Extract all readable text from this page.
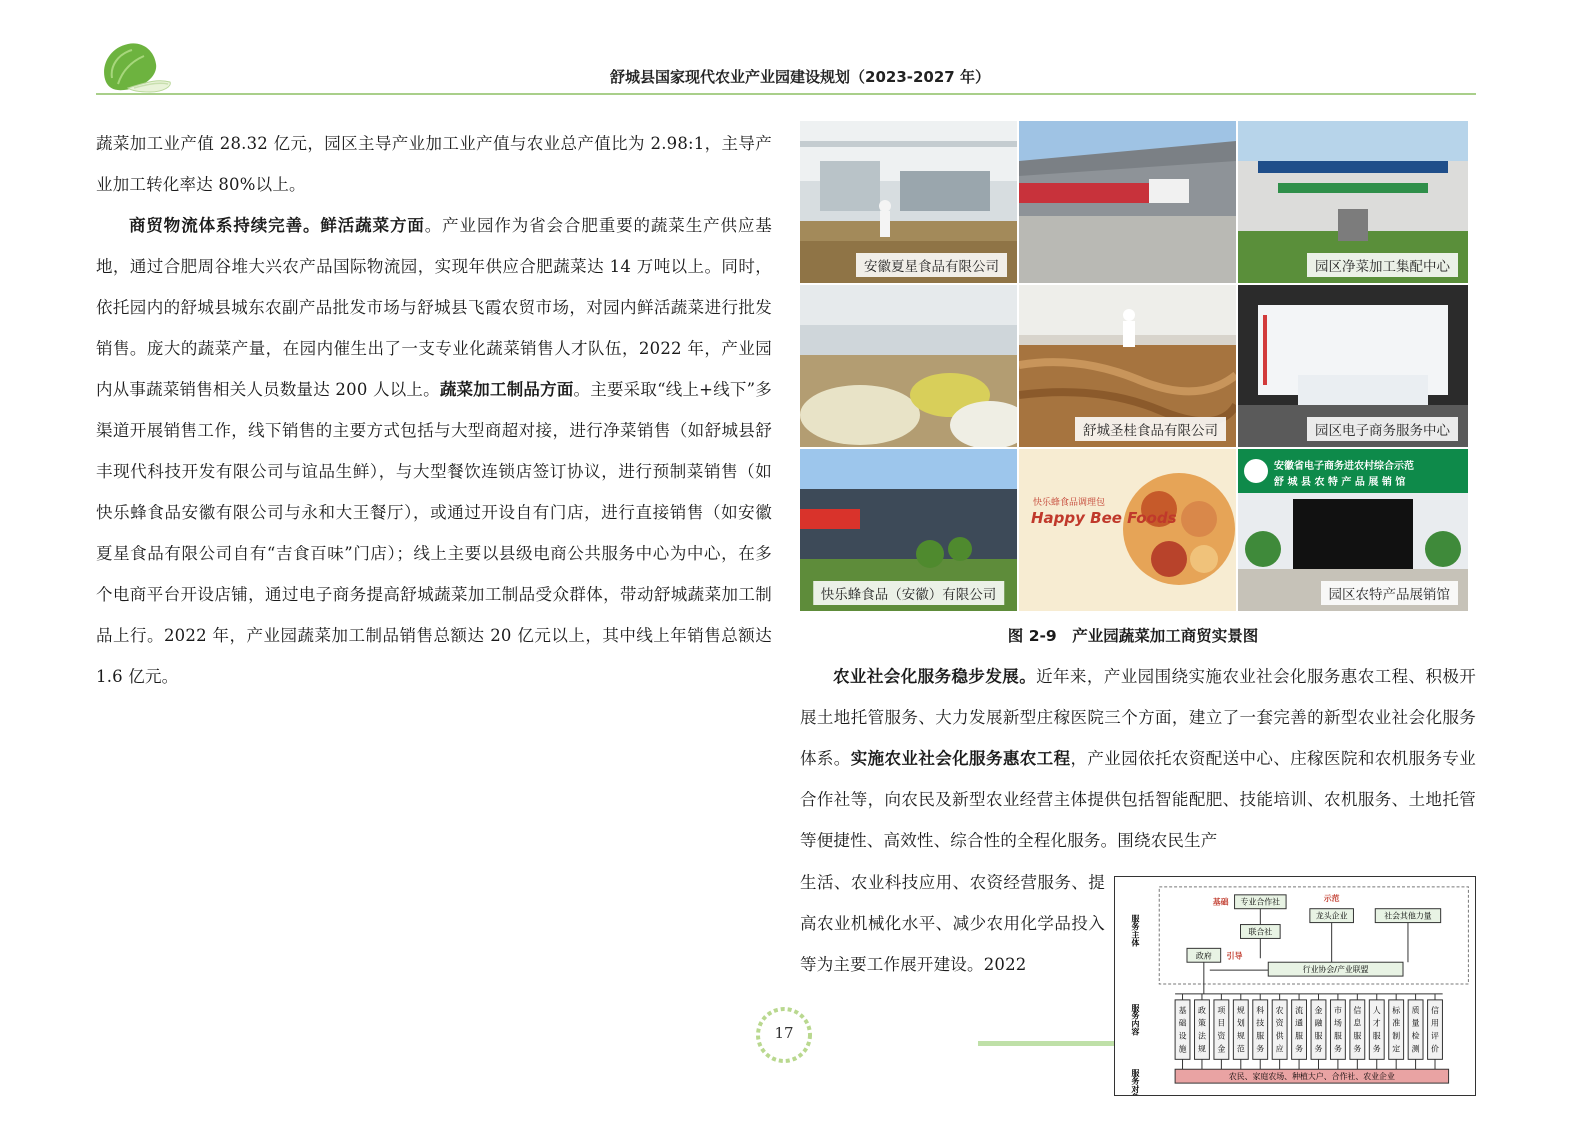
舒城县国家现代农业产业园建设规划（2023-2027 年）

蔬菜加工业产值 28.32 亿元，园区主导产业加工业产值与农业总产值比为 2.98:1，主导产业加工转化率达 80%以上。

商贸物流体系持续完善。鲜活蔬菜方面。产业园作为省会合肥重要的蔬菜生产供应基地，通过合肥周谷堆大兴农产品国际物流园，实现年供应合肥蔬菜达 14 万吨以上。同时，依托园内的舒城县城东农副产品批发市场与舒城县飞霞农贸市场，对园内鲜活蔬菜进行批发销售。庞大的蔬菜产量，在园内催生出了一支专业化蔬菜销售人才队伍，2022 年，产业园内从事蔬菜销售相关人员数量达 200 人以上。蔬菜加工制品方面。主要采取“线上+线下”多渠道开展销售工作，线下销售的主要方式包括与大型商超对接，进行净菜销售（如舒城县舒丰现代科技开发有限公司与谊品生鲜），与大型餐饮连锁店签订协议，进行预制菜销售（如快乐蜂食品安徽有限公司与永和大王餐厅），或通过开设自有门店，进行直接销售（如安徽夏星食品有限公司自有“吉食百味”门店）；线上主要以县级电商公共服务中心为中心，在多个电商平台开设店铺，通过电子商务提高舒城蔬菜加工制品受众群体，带动舒城蔬菜加工制品上行。2022 年，产业园蔬菜加工制品销售总额达 20 亿元以上，其中线上年销售总额达 1.6 亿元。

安徽夏星食品有限公司	园区净菜加工集配中心
舒城圣桂食品有限公司	园区电子商务服务中心
快乐蜂食品（安徽）有限公司
快乐蜂食品调理包
Happy Bee Foods
安徽省电子商务进农村综合示范
舒 城 县 农 特 产 品 展 销 馆
园区农特产品展销馆
图 2-9　产业园蔬菜加工商贸实景图

农业社会化服务稳步发展。近年来，产业园围绕实施农业社会化服务惠农工程、积极开展土地托管服务、大力发展新型庄稼医院三个方面，建立了一套完善的新型农业社会化服务体系。实施农业社会化服务惠农工程，产业园依托农资配送中心、庄稼医院和农机服务专业合作社等，向农民及新型农业经营主体提供包括智能配肥、技能培训、农机服务、土地托管等便捷性、高效性、综合性的全程化服务。围绕农民生产

生活、农业科技应用、农资经营服务、提高农业机械化水平、减少农用化学品投入等为主要工作展开建设。2022

服务主体
服务内容
服务对象
基础 专业合作社	示范
龙头企业	社会其他力量
联合社
政府 引导
行业协会/产业联盟
基础设施
政策法规
项目资金
规划规范
科技服务
农资供应
流通服务
金融服务
市场服务
信息服务
人才服务
标准制定
质量检测
信用评价
农民、家庭农场、种植大户、合作社、农业企业
17
